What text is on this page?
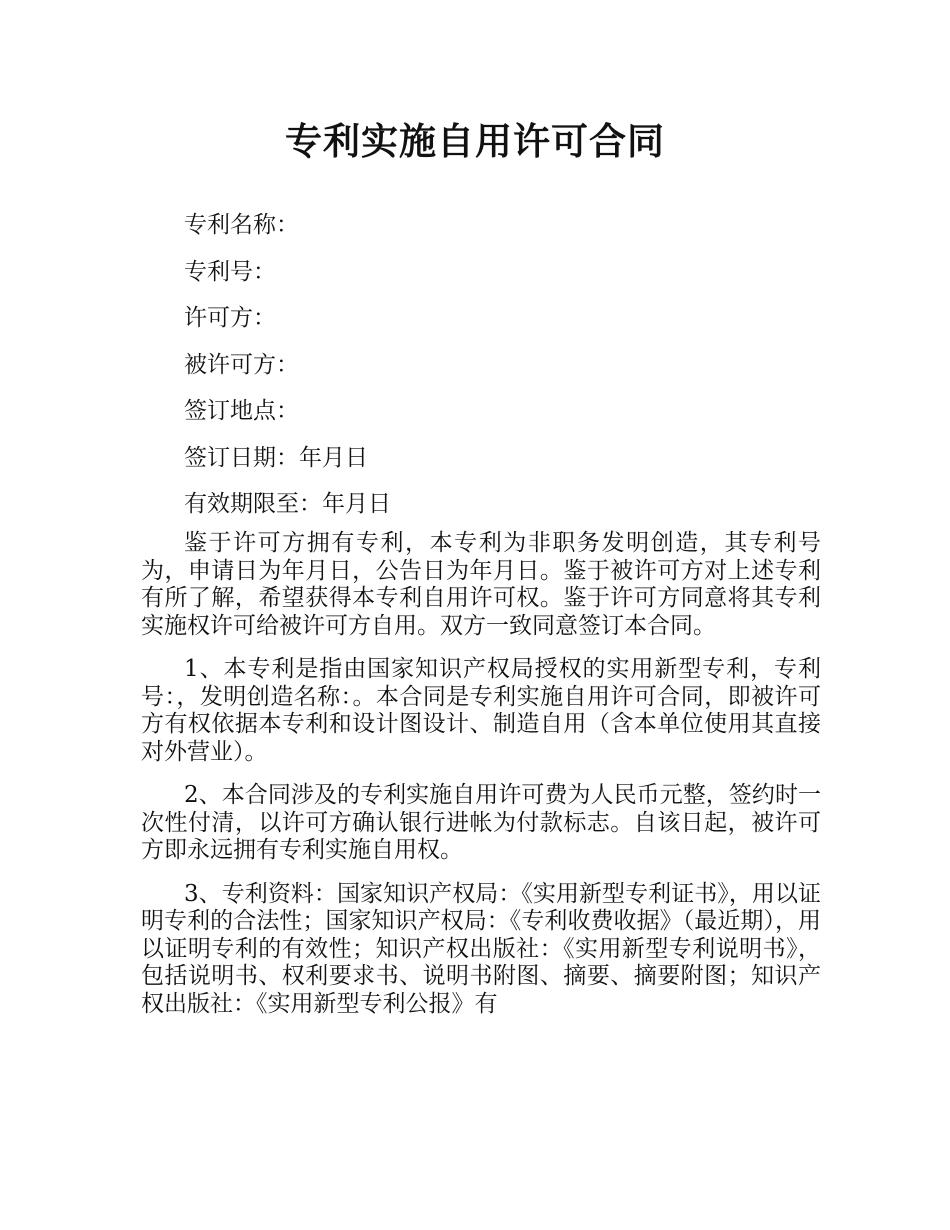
专利实施自用许可合同
专利名称：
专利号：
许可方：
被许可方：
签订地点：
签订日期：年月日
有效期限至：年月日

鉴于许可方拥有专利，本专利为非职务发明创造，其专利号为，申请日为年月日，公告日为年月日。鉴于被许可方对上述专利有所了解，希望获得本专利自用许可权。鉴于许可方同意将其专利实施权许可给被许可方自用。双方一致同意签订本合同。

1、本专利是指由国家知识产权局授权的实用新型专利，专利号：，发明创造名称：。本合同是专利实施自用许可合同，即被许可方有权依据本专利和设计图设计、制造自用（含本单位使用其直接对外营业）。

2、本合同涉及的专利实施自用许可费为人民币元整，签约时一次性付清，以许可方确认银行进帐为付款标志。自该日起，被许可方即永远拥有专利实施自用权。

3、专利资料：国家知识产权局：《实用新型专利证书》，用以证明专利的合法性；国家知识产权局：《专利收费收据》（最近期），用以证明专利的有效性；知识产权出版社：《实用新型专利说明书》，包括说明书、权利要求书、说明书附图、摘要、摘要附图；知识产权出版社：《实用新型专利公报》有
